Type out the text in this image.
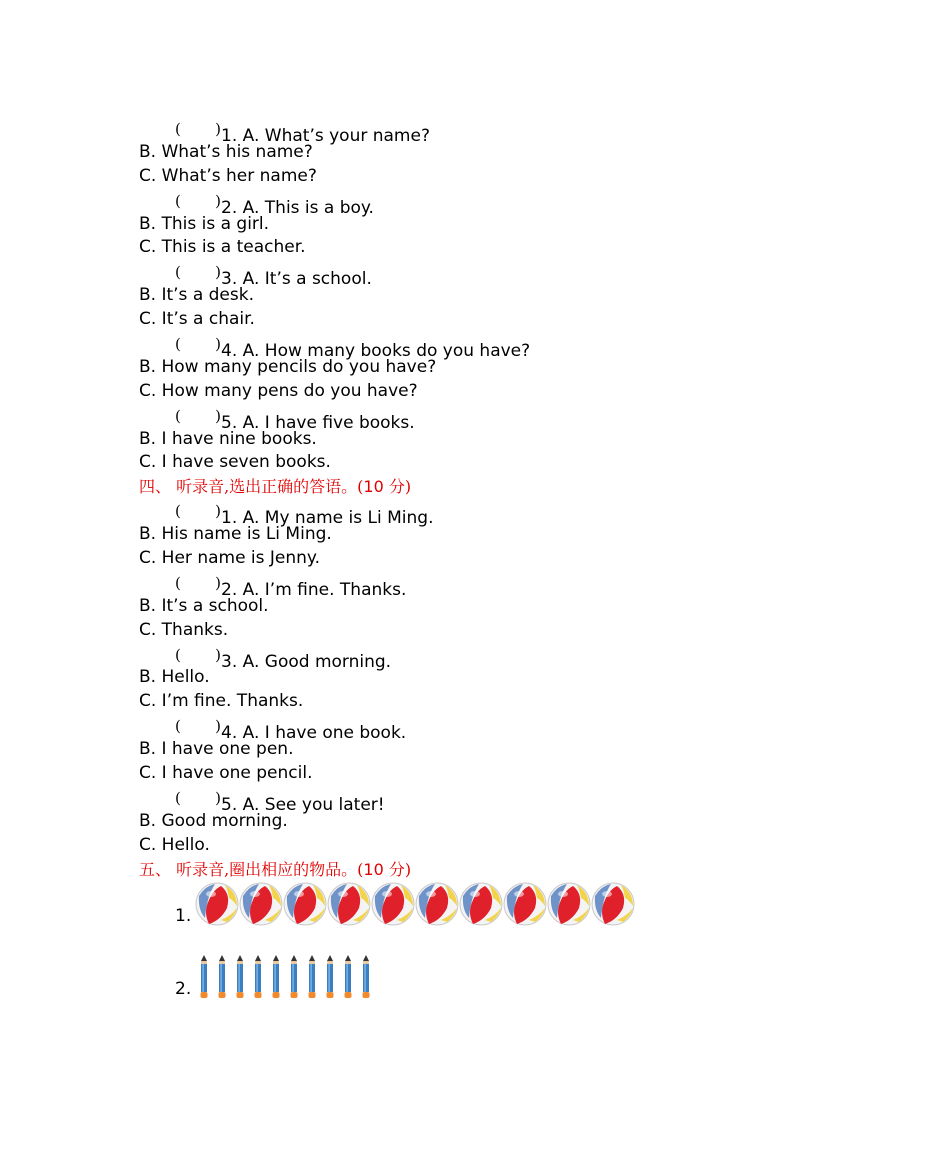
( ) 1. A. What’s your name?
B. What’s his name?
C. What’s her name?
( ) 2. A. This is a boy.
B. This is a girl.
C. This is a teacher.
( ) 3. A. It’s a school.
B. It’s a desk.
C. It’s a chair.
( ) 4. A. How many books do you have?
B. How many pencils do you have?
C. How many pens do you have?
( ) 5. A. I have five books.
B. I have nine books.
C. I have seven books.
四、 听录音,选出正确的答语。(10 分)
( ) 1. A. My name is Li Ming.
B. His name is Li Ming.
C. Her name is Jenny.
( ) 2. A. I’m fine. Thanks.
B. It’s a school.
C. Thanks.
( ) 3. A. Good morning.
B. Hello.
C. I’m fine. Thanks.
( ) 4. A. I have one book.
B. I have one pen.
C. I have one pencil.
( ) 5. A. See you later!
B. Good morning.
C. Hello.
五、 听录音,圈出相应的物品。(10 分)
1.
2.
